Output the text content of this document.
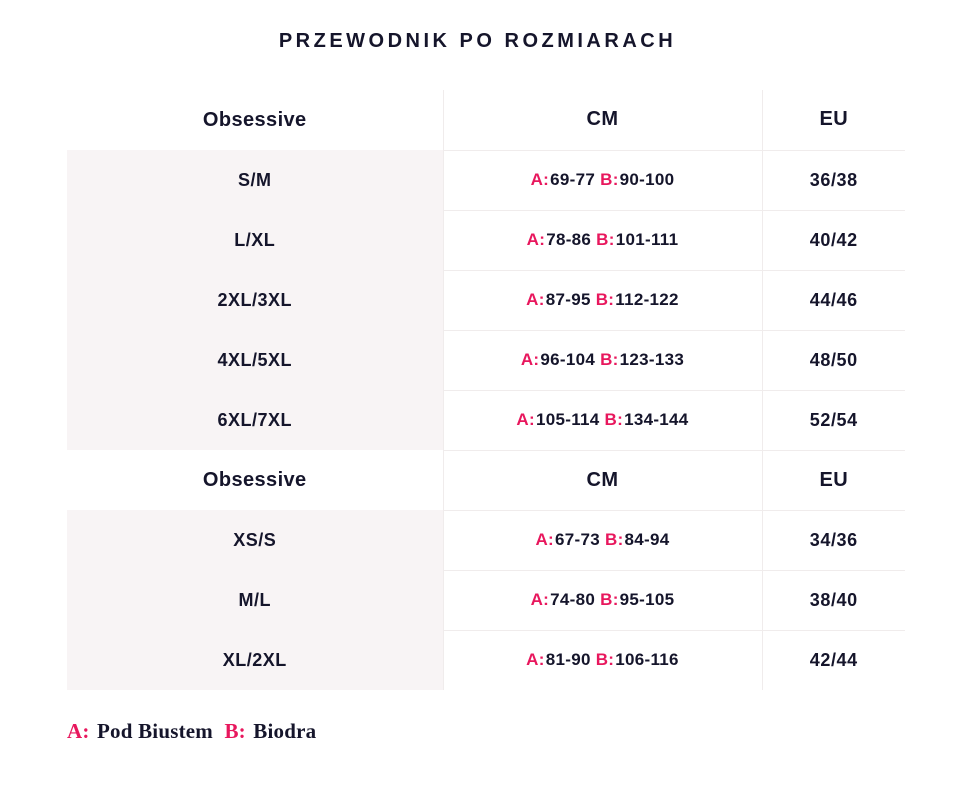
PRZEWODNIK PO ROZMIARACH
Obsessive	CM	EU
S/M	A:69-77 B:90-100	36/38
L/XL	A:78-86 B:101-111	40/42
2XL/3XL	A:87-95 B:112-122	44/46
4XL/5XL	A:96-104 B:123-133	48/50
6XL/7XL	A:105-114 B:134-144	52/54
Obsessive	CM	EU
XS/S	A:67-73 B:84-94	34/36
M/L	A:74-80 B:95-105	38/40
XL/2XL	A:81-90 B:106-116	42/44
A: Pod Biustem B: Biodra
